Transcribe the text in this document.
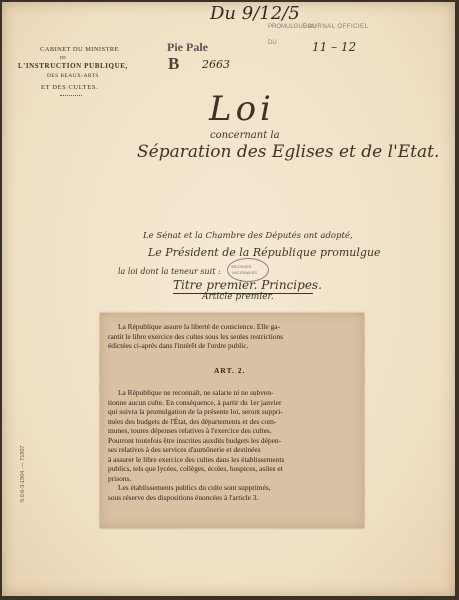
CABINET DU MINISTRE
DE
L'INSTRUCTION PUBLIQUE,
DES BEAUX-ARTS
ET DES CULTES.
Du 9/12/5
Pie Pale
B 2663
PROMULGUÉ AU
JOURNAL OFFICIEL
DU	11 – 12
Loi
concernant la
Séparation des Eglises et de l'Etat.
Le Sénat et la Chambre des Députés ont adopté,
Le Président de la République promulgue
la loi dont la teneur suit :
ARCHIVES
NATIONALES
Titre premier. Principes.
Article premier.
9.0.6-3-1904. — 71907

La République assure la liberté de conscience. Elle ga-

rantit le libre exercice des cultes sous les seules restrictions

édictées ci-après dans l'intérêt de l'ordre public.

ART. 2.

La République ne reconnaît, ne salarie ni ne subven-

tionne aucun culte. En conséquence, à partir du 1er janvier

qui suivra la promulgation de la présente loi, seront suppri-

mées des budgets de l'État, des départements et des com-

munes, toutes dépenses relatives à l'exercice des cultes.

Pourront toutefois être inscrites auxdits budgets les dépen-

ses relatives à des services d'aumônerie et destinées

à assurer le libre exercice des cultes dans les établissements

publics, tels que lycées, collèges, écoles, hospices, asiles et

prisons.

Les établissements publics du culte sont supprimés,

sous réserve des dispositions énoncées à l'article 3.
